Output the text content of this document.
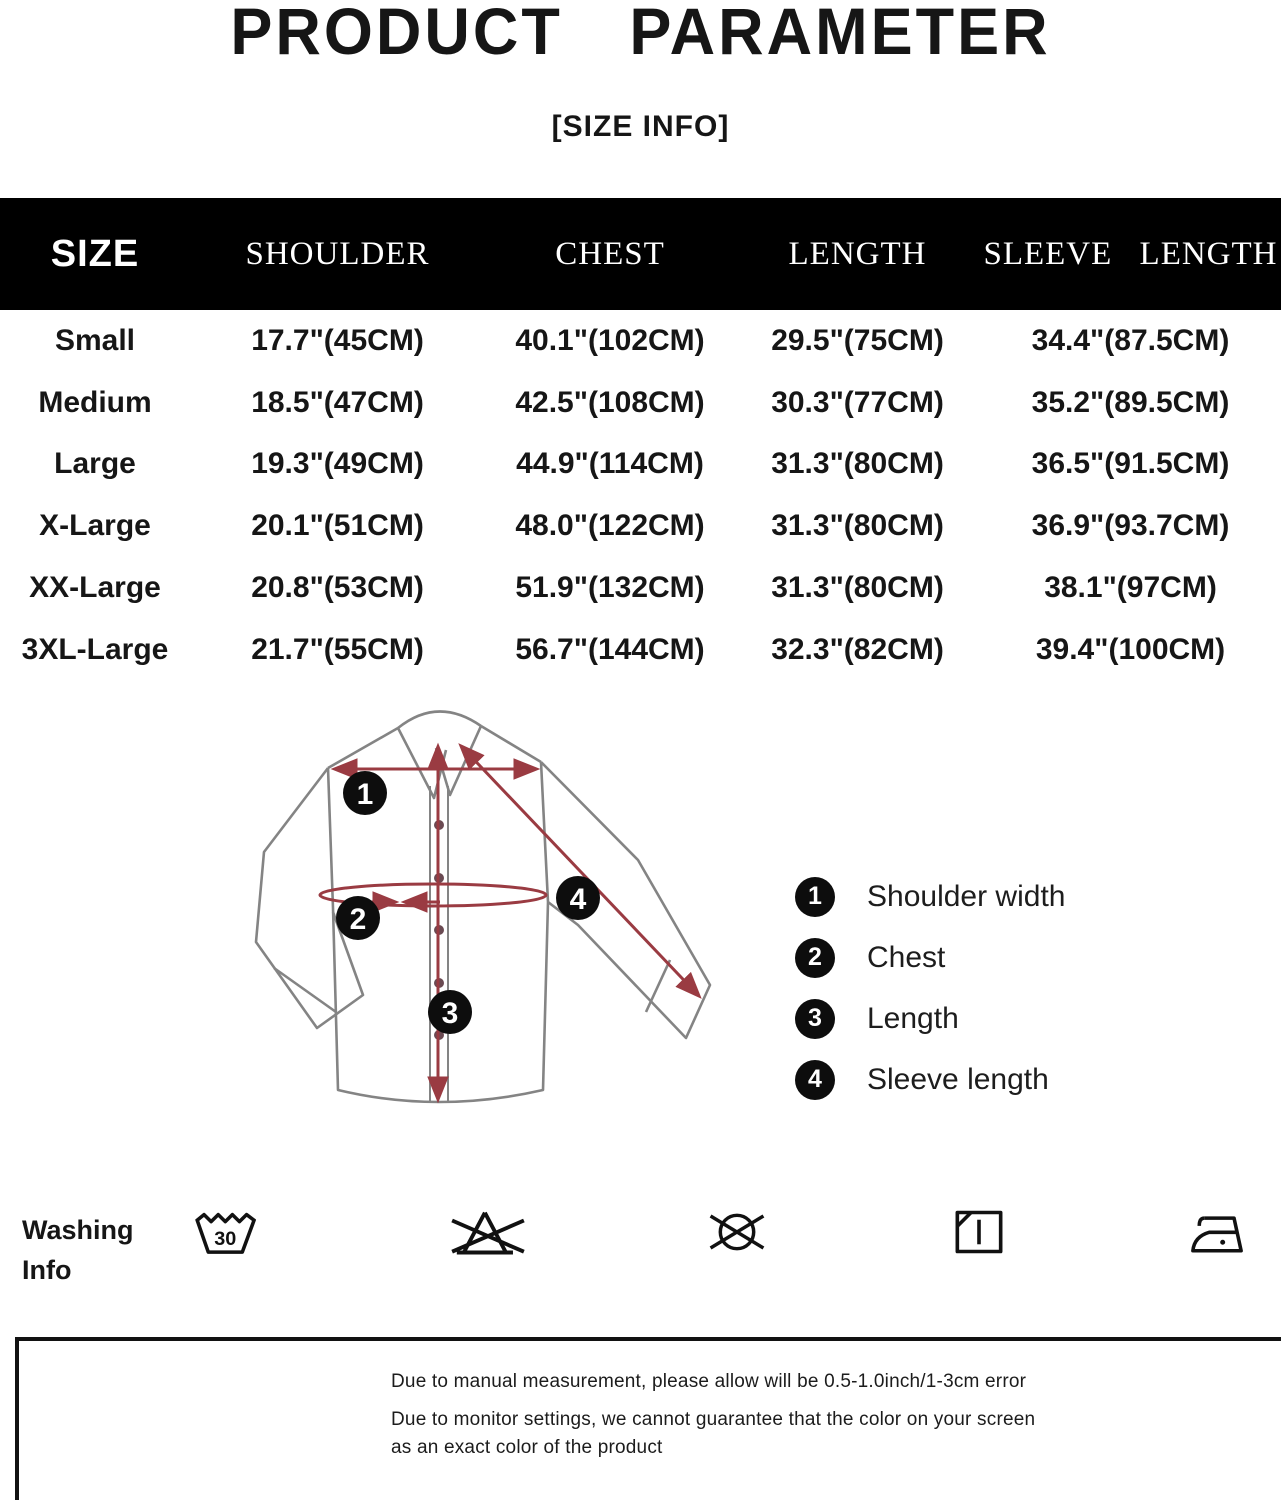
PRODUCT PARAMETER
[SIZE INFO]
SIZE	SHOULDER	CHEST	LENGTH	SLEEVE LENGTH
Small	17.7"(45CM)	40.1"(102CM)	29.5"(75CM)	34.4"(87.5CM)
Medium	18.5"(47CM)	42.5"(108CM)	30.3"(77CM)	35.2"(89.5CM)
Large	19.3"(49CM)	44.9"(114CM)	31.3"(80CM)	36.5"(91.5CM)
X-Large	20.1"(51CM)	48.0"(122CM)	31.3"(80CM)	36.9"(93.7CM)
XX-Large	20.8"(53CM)	51.9"(132CM)	31.3"(80CM)	38.1"(97CM)
3XL-Large	21.7"(55CM)	56.7"(144CM)	32.3"(82CM)	39.4"(100CM)
1
2
3
4	1	Shoulder width
2	Chest
3	Length
4	Sleeve length
Washing Info
30

Due to manual measurement, please allow will be 0.5-1.0inch/1-3cm error

Due to monitor settings, we cannot guarantee that the color on your screen

as an exact color of the product
